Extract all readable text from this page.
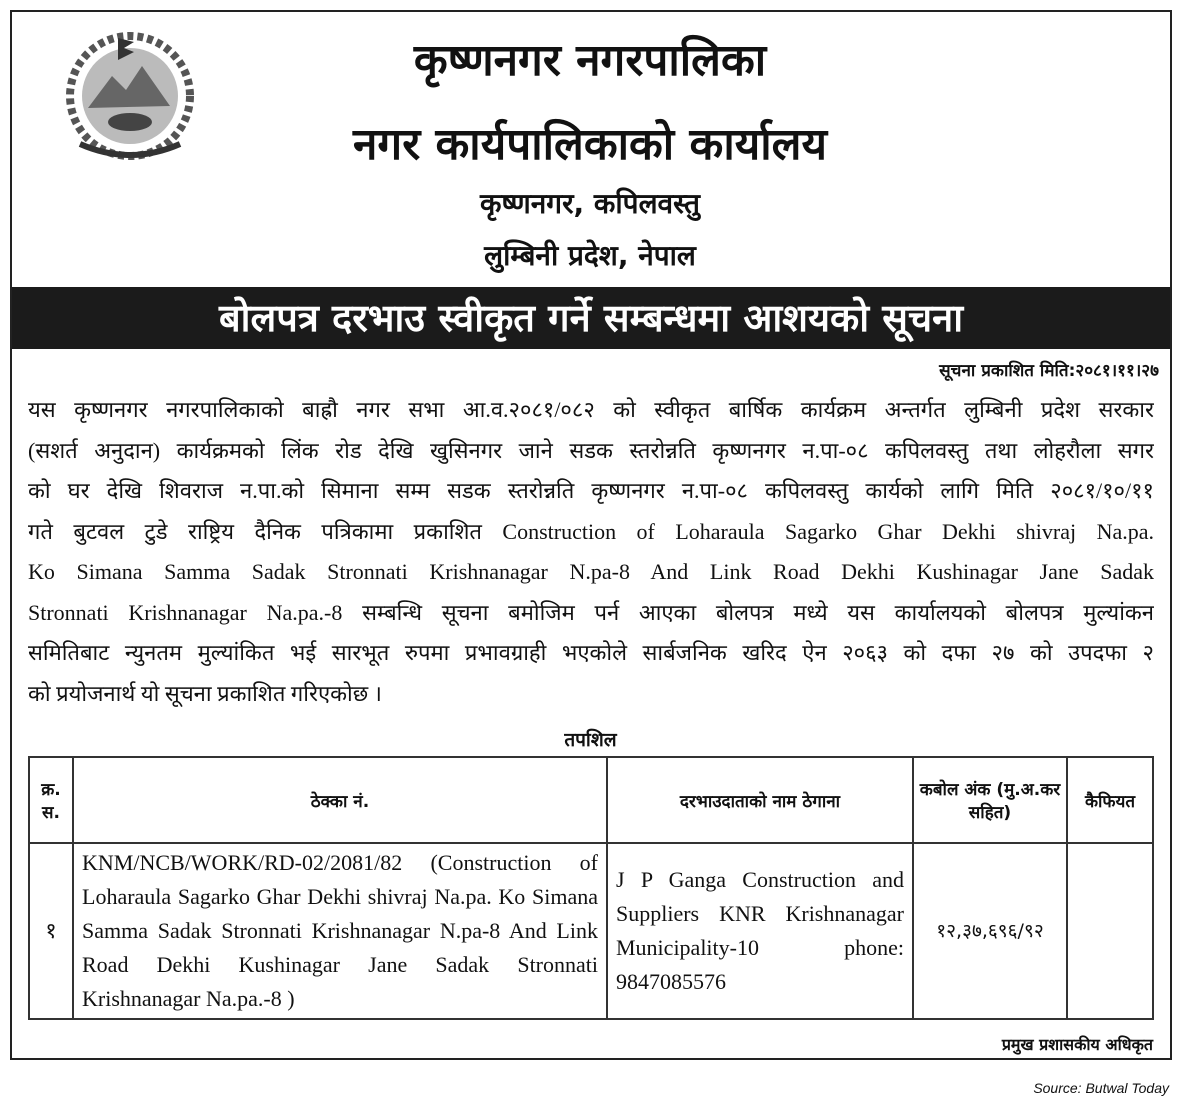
कृष्णनगर नगरपालिका
नगर कार्यपालिकाको कार्यालय
कृष्णनगर, कपिलवस्तु
लुम्बिनी प्रदेश, नेपाल
बोलपत्र दरभाउ स्वीकृत गर्ने सम्बन्धमा आशयको सूचना
सूचना प्रकाशित मिति:२०८१।११।२७
यस कृष्णनगर नगरपालिकाको बाह्रौ नगर सभा आ.व.२०८१/०८२ को स्वीकृत बार्षिक कार्यक्रम अन्तर्गत लुम्बिनी प्रदेश सरकार
(सशर्त अनुदान) कार्यक्रमको लिंक रोड देखि खुसिनगर जाने सडक स्तरोन्नति कृष्णनगर न.पा-०८ कपिलवस्तु तथा लोहरौला सगर
को घर देखि शिवराज न.पा.को सिमाना सम्म सडक स्तरोन्नति कृष्णनगर न.पा-०८ कपिलवस्तु कार्यको लागि मिति २०८१/१०/११
गते बुटवल टुडे राष्ट्रिय दैनिक पत्रिकामा प्रकाशित Construction of Loharaula Sagarko Ghar Dekhi shivraj Na.pa.
Ko Simana Samma Sadak Stronnati Krishnanagar N.pa-8 And Link Road Dekhi Kushinagar Jane Sadak
Stronnati Krishnanagar Na.pa.-8 सम्बन्धि सूचना बमोजिम पर्न आएका बोलपत्र मध्ये यस कार्यालयको बोलपत्र मुल्यांकन
समितिबाट न्युनतम मुल्यांकित भई सारभूत रुपमा प्रभावग्राही भएकोले सार्बजनिक खरिद ऐन २०६३ को दफा २७ को उपदफा २
को प्रयोजनार्थ यो सूचना प्रकाशित गरिएकोछ ।
तपशिल
क्र. स.	ठेक्का नं.	दरभाउदाताको नाम ठेगाना	कबोल अंक (मु.अ.कर सहित)	कैफियत
१	KNM/NCB/WORK/RD-02/2081/82 (Construction of Loharaula Sagarko Ghar Dekhi shivraj Na.pa. Ko Simana Samma Sadak Stronnati Krishnanagar N.pa-8 And Link Road Dekhi Kushinagar Jane Sadak Stronnati Krishnanagar Na.pa.-8 )	J P Ganga Construction and Suppliers KNR Krishnanagar Municipality-10 phone: 9847085576	१२,३७,६९६/९२	
प्रमुख प्रशासकीय अधिकृत
Source: Butwal Today
